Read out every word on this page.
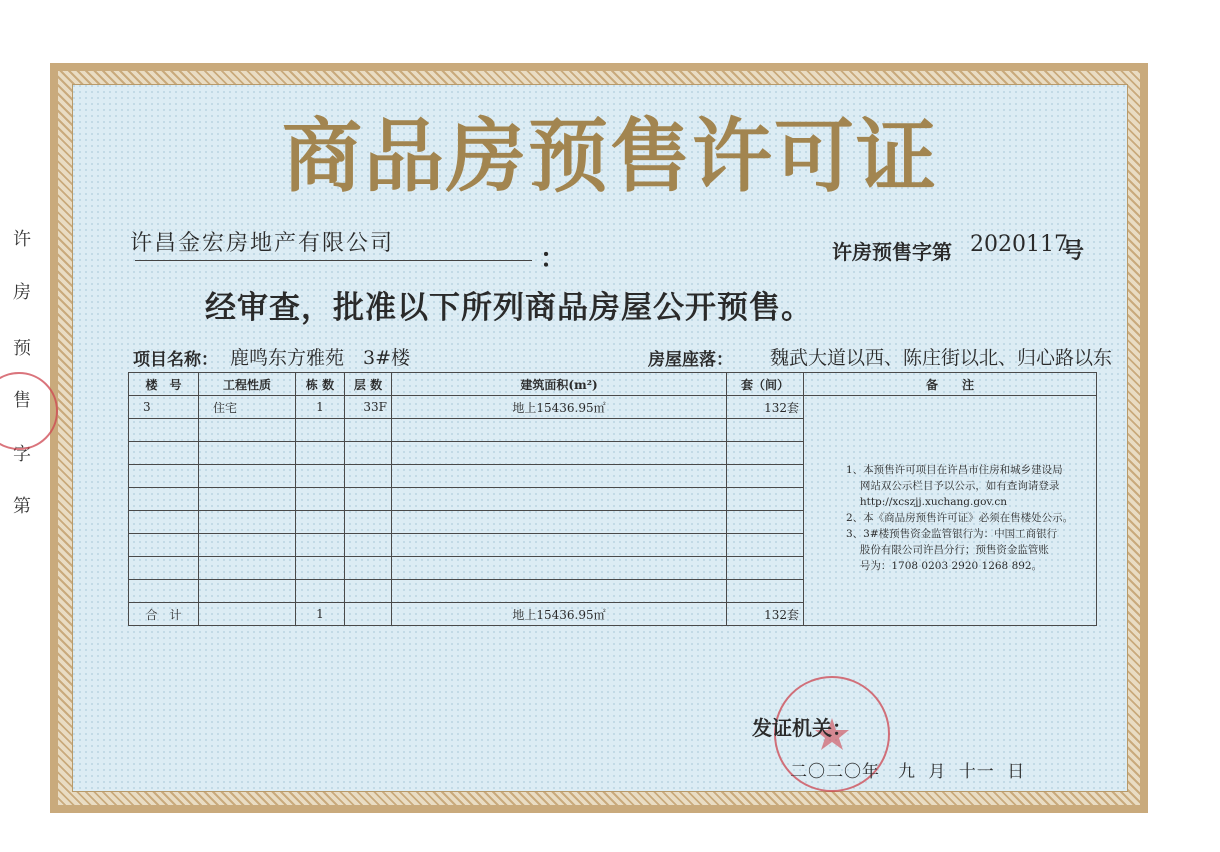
许
房
预
售
字
第
商品房预售许可证
许昌金宏房地产有限公司
：	许房预售字第 2020117
号
经审查，批准以下所列商品房屋公开预售。
项目名称： 鹿鸣东方雅苑　3#楼	房屋座落： 魏武大道以西、陈庄街以北、归心路以东
楼　号	工程性质	栋 数	层 数	建筑面积(m²)	套（间）	备　　注
3	住宅	1	33F	地上15436.95㎡	132套	

合　计		1		地上15436.95㎡	132套	
1、本预售许可项目在许昌市住房和城乡建设局
　 网站双公示栏目予以公示，如有查询请登录
　 http://xcszjj.xuchang.gov.cn
2、本《商品房预售许可证》必须在售楼处公示。
3、3#楼预售资金监管银行为：中国工商银行
　 股份有限公司许昌分行；预售资金监管账
　 号为：1708 0203 2920 1268 892。
发证机关：
二〇二〇年　九 月 十一 日
